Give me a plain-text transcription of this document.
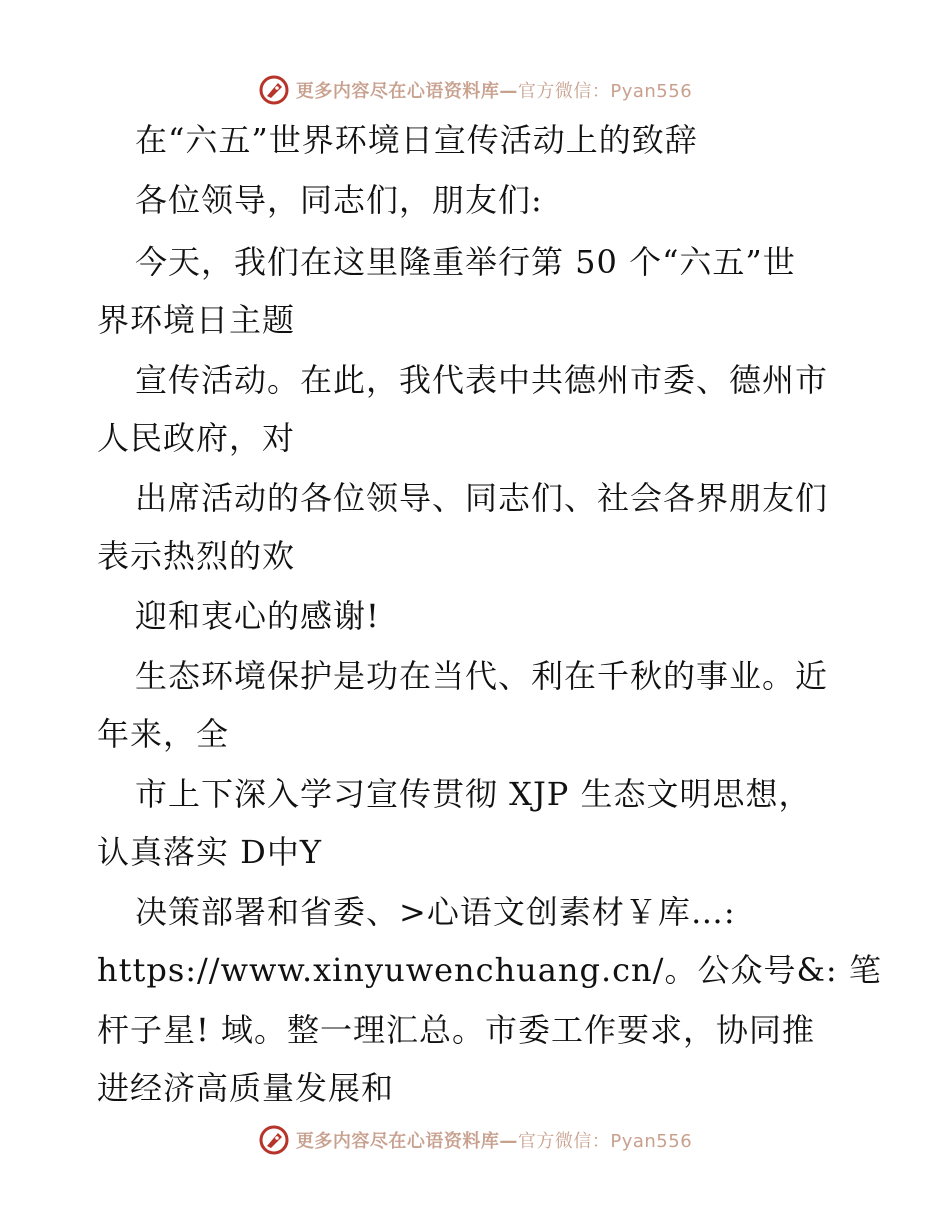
更多内容尽在心语资料库—官方微信：Pyan556
在“六五”世界环境日宣传活动上的致辞
各位领导，同志们，朋友们:
今天，我们在这里隆重举行第 50 个“六五”世
界环境日主题
宣传活动。在此，我代表中共德州市委、德州市
人民政府，对
出席活动的各位领导、同志们、社会各界朋友们
表示热烈的欢
迎和衷心的感谢!
生态环境保护是功在当代、利在千秋的事业。近
年来，全
市上下深入学习宣传贯彻 XJP 生态文明思想，
认真落实 D中Y
决策部署和省委、>心语文创素材￥库…:
https://www.xinyuwenchuang.cn/。公众号&: 笔
杆子星! 域。整一理汇总。市委工作要求，协同推
进经济高质量发展和
更多内容尽在心语资料库—官方微信：Pyan556
